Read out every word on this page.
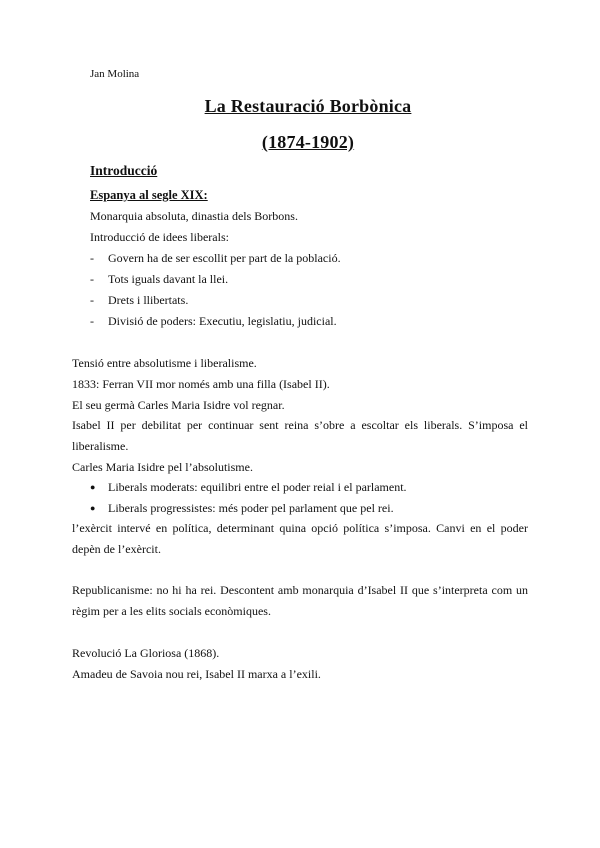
Jan Molina
La Restauració Borbònica
(1874-1902)
Introducció
Espanya al segle XIX:
Monarquia absoluta, dinastia dels Borbons.
Introducció de idees liberals:
- Govern ha de ser escollit per part de la població.
- Tots iguals davant la llei.
- Drets i llibertats.
- Divisió de poders: Executiu, legislatiu, judicial.
Tensió entre absolutisme i liberalisme.
1833: Ferran VII mor només amb una filla (Isabel II).
El seu germà Carles Maria Isidre vol regnar.
Isabel II per debilitat per continuar sent reina s’obre a escoltar els liberals. S’imposa el liberalisme.
Carles Maria Isidre pel l’absolutisme.
● Liberals moderats: equilibri entre el poder reial i el parlament.
● Liberals progressistes: més poder pel parlament que pel rei.
l’exèrcit intervé en política, determinant quina opció política s’imposa. Canvi en el poder depèn de l’exèrcit.
Republicanisme: no hi ha rei. Descontent amb monarquia d’Isabel II que s’interpreta com un règim per a les elits socials econòmiques.
Revolució La Gloriosa (1868).
Amadeu de Savoia nou rei, Isabel II marxa a l’exili.
